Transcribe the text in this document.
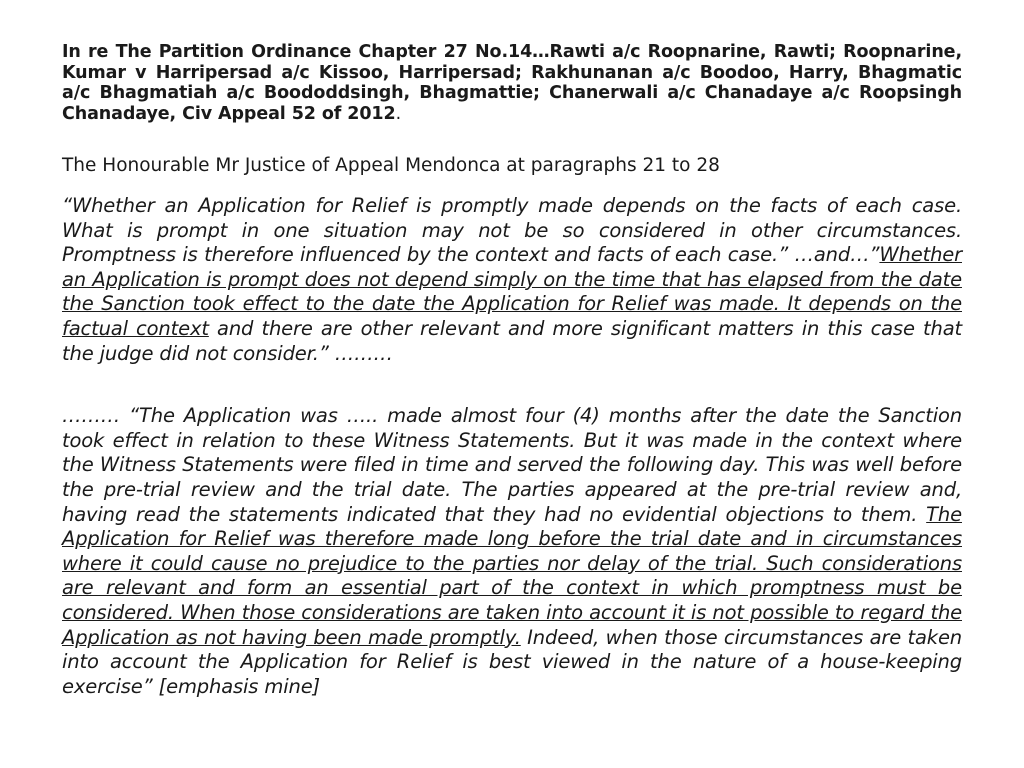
In re The Partition Ordinance Chapter 27 No.14…Rawti a/c Roopnarine, Rawti; Roopnarine, Kumar v Harripersad a/c Kissoo, Harripersad; Rakhunanan a/c Boodoo, Harry, Bhagmatic a/c Bhagmatiah a/c Boododdsingh, Bhagmattie; Chanerwali a/c Chanadaye a/c Roopsingh Chanadaye, Civ Appeal 52 of 2012.

The Honourable Mr Justice of Appeal Mendonca at paragraphs 21 to 28

“Whether an Application for Relief is promptly made depends on the facts of each case. What is prompt in one situation may not be so considered in other circumstances. Promptness is therefore influenced by the context and facts of each case.” …and…”Whether an Application is prompt does not depend simply on the time that has elapsed from the date the Sanction took effect to the date the Application for Relief was made. It depends on the factual context and there are other relevant and more significant matters in this case that the judge did not consider.” ………

……… “The Application was ….. made almost four (4) months after the date the Sanction took effect in relation to these Witness Statements. But it was made in the context where the Witness Statements were filed in time and served the following day. This was well before the pre-trial review and the trial date. The parties appeared at the pre-trial review and, having read the statements indicated that they had no evidential objections to them. The Application for Relief was therefore made long before the trial date and in circumstances where it could cause no prejudice to the parties nor delay of the trial. Such considerations are relevant and form an essential part of the context in which promptness must be considered. When those considerations are taken into account it is not possible to regard the Application as not having been made promptly. Indeed, when those circumstances are taken into account the Application for Relief is best viewed in the nature of a house-keeping exercise” [emphasis mine]
